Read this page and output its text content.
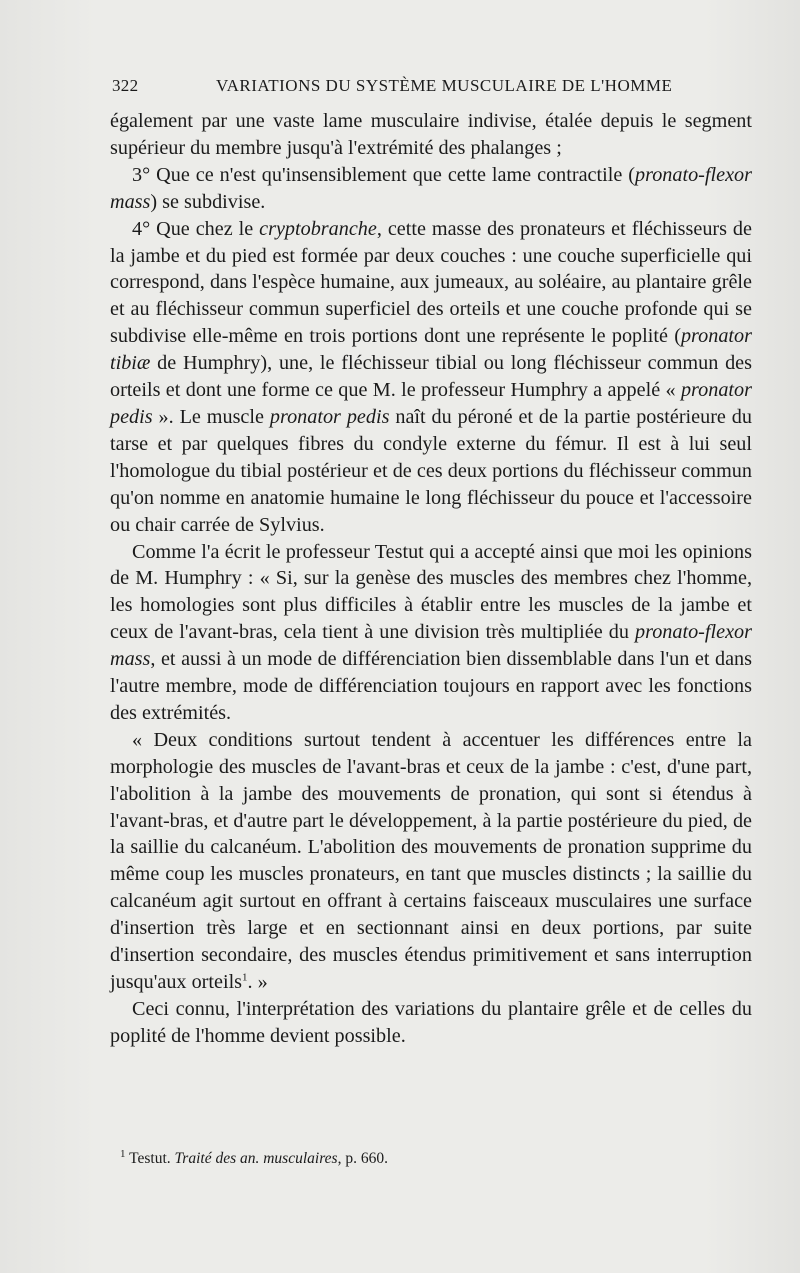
322	VARIATIONS DU SYSTÈME MUSCULAIRE DE L'HOMME

également par une vaste lame musculaire indivise, étalée depuis le segment supérieur du membre jusqu'à l'extrémité des phalanges ;

3° Que ce n'est qu'insensiblement que cette lame contractile (pronato-flexor mass) se subdivise.

4° Que chez le cryptobranche, cette masse des pronateurs et fléchisseurs de la jambe et du pied est formée par deux couches : une couche superficielle qui correspond, dans l'espèce humaine, aux jumeaux, au soléaire, au plantaire grêle et au fléchisseur commun superficiel des orteils et une couche profonde qui se subdivise elle-même en trois portions dont une représente le poplité (pronator tibiæ de Humphry), une, le fléchisseur tibial ou long fléchisseur commun des orteils et dont une forme ce que M. le professeur Humphry a appelé « pronator pedis ». Le muscle pronator pedis naît du péroné et de la partie postérieure du tarse et par quelques fibres du condyle externe du fémur. Il est à lui seul l'homologue du tibial postérieur et de ces deux portions du fléchisseur commun qu'on nomme en anatomie humaine le long fléchisseur du pouce et l'accessoire ou chair carrée de Sylvius.

Comme l'a écrit le professeur Testut qui a accepté ainsi que moi les opinions de M. Humphry : « Si, sur la genèse des muscles des membres chez l'homme, les homologies sont plus difficiles à établir entre les muscles de la jambe et ceux de l'avant-bras, cela tient à une division très multipliée du pronato-flexor mass, et aussi à un mode de différenciation bien dissemblable dans l'un et dans l'autre membre, mode de différenciation toujours en rapport avec les fonctions des extrémités.

« Deux conditions surtout tendent à accentuer les différences entre la morphologie des muscles de l'avant-bras et ceux de la jambe : c'est, d'une part, l'abolition à la jambe des mouvements de pronation, qui sont si étendus à l'avant-bras, et d'autre part le développement, à la partie postérieure du pied, de la saillie du calcanéum. L'abolition des mouvements de pronation supprime du même coup les muscles pronateurs, en tant que muscles distincts ; la saillie du calcanéum agit surtout en offrant à certains faisceaux musculaires une surface d'insertion très large et en sectionnant ainsi en deux portions, par suite d'insertion secondaire, des muscles étendus primitivement et sans interruption jusqu'aux orteils$^1$. »

Ceci connu, l'interprétation des variations du plantaire grêle et de celles du poplité de l'homme devient possible.

$^1$ Testut. Traité des an. musculaires, p. 660.
